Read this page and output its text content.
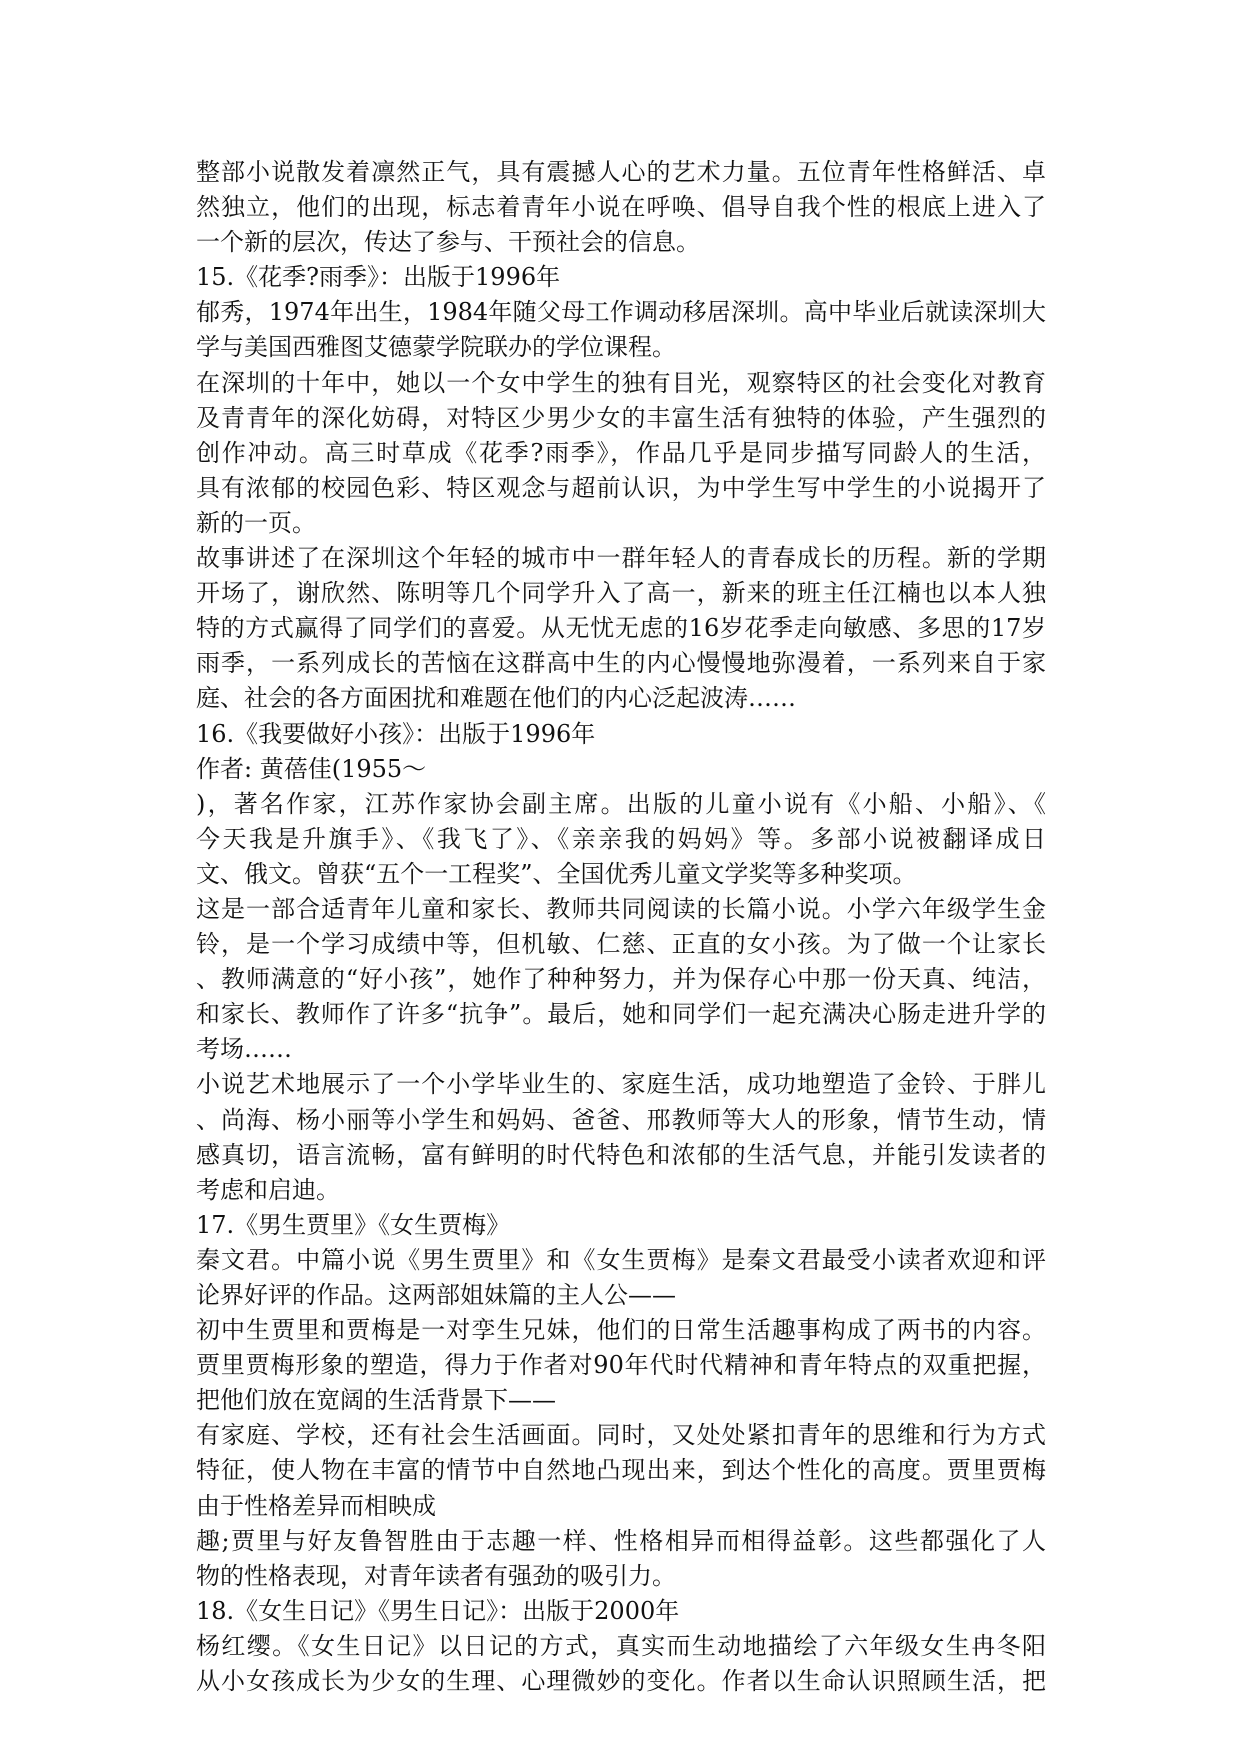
整部小说散发着凛然正气，具有震撼人心的艺术力量。五位青年性格鲜活、卓
然独立，他们的出现，标志着青年小说在呼唤、倡导自我个性的根底上进入了
一个新的层次，传达了参与、干预社会的信息。
15.《花季?雨季》：出版于1996年
郁秀，1974年出生，1984年随父母工作调动移居深圳。高中毕业后就读深圳大
学与美国西雅图艾德蒙学院联办的学位课程。
在深圳的十年中，她以一个女中学生的独有目光，观察特区的社会变化对教育
及青青年的深化妨碍，对特区少男少女的丰富生活有独特的体验，产生强烈的
创作冲动。高三时草成《花季?雨季》，作品几乎是同步描写同龄人的生活，
具有浓郁的校园色彩、特区观念与超前认识，为中学生写中学生的小说揭开了
新的一页。
故事讲述了在深圳这个年轻的城市中一群年轻人的青春成长的历程。新的学期
开场了，谢欣然、陈明等几个同学升入了高一，新来的班主任江楠也以本人独
特的方式赢得了同学们的喜爱。从无忧无虑的16岁花季走向敏感、多思的17岁
雨季，一系列成长的苦恼在这群高中生的内心慢慢地弥漫着，一系列来自于家
庭、社会的各方面困扰和难题在他们的内心泛起波涛……
16.《我要做好小孩》：出版于1996年
作者: 黄蓓佳(1955～
)，著名作家，江苏作家协会副主席。出版的儿童小说有《小船、小船》、《
今天我是升旗手》、《我飞了》、《亲亲我的妈妈》等。多部小说被翻译成日
文、俄文。曾获“五个一工程奖”、全国优秀儿童文学奖等多种奖项。
这是一部合适青年儿童和家长、教师共同阅读的长篇小说。小学六年级学生金
铃，是一个学习成绩中等，但机敏、仁慈、正直的女小孩。为了做一个让家长
、教师满意的“好小孩”，她作了种种努力，并为保存心中那一份天真、纯洁，
和家长、教师作了许多“抗争”。最后，她和同学们一起充满决心肠走进升学的
考场……
小说艺术地展示了一个小学毕业生的、家庭生活，成功地塑造了金铃、于胖儿
、尚海、杨小丽等小学生和妈妈、爸爸、邢教师等大人的形象，情节生动，情
感真切，语言流畅，富有鲜明的时代特色和浓郁的生活气息，并能引发读者的
考虑和启迪。
17.《男生贾里》《女生贾梅》
秦文君。中篇小说《男生贾里》和《女生贾梅》是秦文君最受小读者欢迎和评
论界好评的作品。这两部姐妹篇的主人公——
初中生贾里和贾梅是一对孪生兄妹，他们的日常生活趣事构成了两书的内容。
贾里贾梅形象的塑造，得力于作者对90年代时代精神和青年特点的双重把握，
把他们放在宽阔的生活背景下——
有家庭、学校，还有社会生活画面。同时，又处处紧扣青年的思维和行为方式
特征，使人物在丰富的情节中自然地凸现出来，到达个性化的高度。贾里贾梅
由于性格差异而相映成
趣;贾里与好友鲁智胜由于志趣一样、性格相异而相得益彰。这些都强化了人
物的性格表现，对青年读者有强劲的吸引力。
18.《女生日记》《男生日记》：出版于2000年
杨红缨。《女生日记》以日记的方式，真实而生动地描绘了六年级女生冉冬阳
从小女孩成长为少女的生理、心理微妙的变化。作者以生命认识照顾生活，把
